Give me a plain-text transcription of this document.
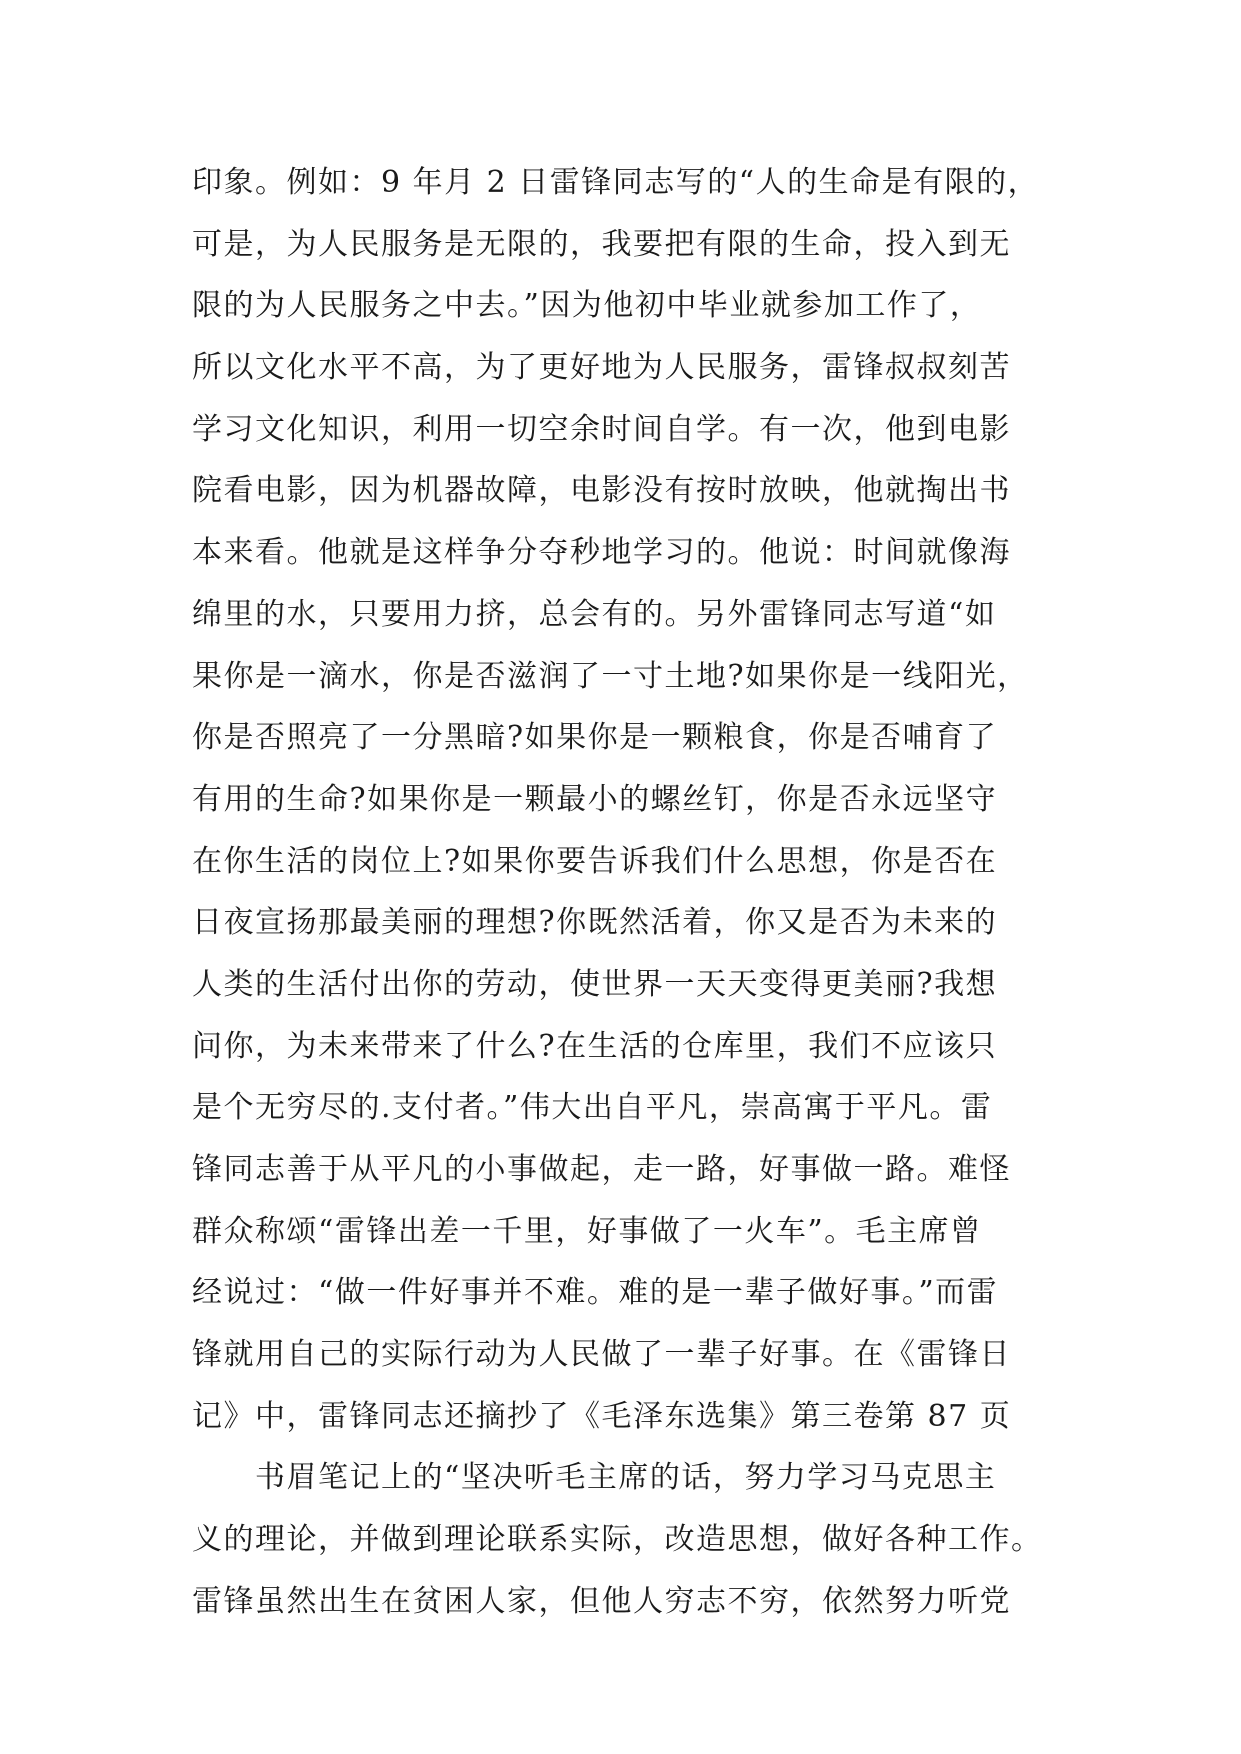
印象。例如：9 年月 2 日雷锋同志写的“人的生命是有限的，
可是，为人民服务是无限的，我要把有限的生命，投入到无
限的为人民服务之中去。”因为他初中毕业就参加工作了，
所以文化水平不高，为了更好地为人民服务，雷锋叔叔刻苦
学习文化知识，利用一切空余时间自学。有一次，他到电影
院看电影，因为机器故障，电影没有按时放映，他就掏出书
本来看。他就是这样争分夺秒地学习的。他说：时间就像海
绵里的水，只要用力挤，总会有的。另外雷锋同志写道“如
果你是一滴水，你是否滋润了一寸土地?如果你是一线阳光，
你是否照亮了一分黑暗?如果你是一颗粮食，你是否哺育了
有用的生命?如果你是一颗最小的螺丝钉，你是否永远坚守
在你生活的岗位上?如果你要告诉我们什么思想，你是否在
日夜宣扬那最美丽的理想?你既然活着，你又是否为未来的
人类的生活付出你的劳动，使世界一天天变得更美丽?我想
问你，为未来带来了什么?在生活的仓库里，我们不应该只
是个无穷尽的.支付者。”伟大出自平凡，崇高寓于平凡。雷
锋同志善于从平凡的小事做起，走一路，好事做一路。难怪
群众称颂“雷锋出差一千里，好事做了一火车”。毛主席曾
经说过：“做一件好事并不难。难的是一辈子做好事。”而雷
锋就用自己的实际行动为人民做了一辈子好事。在《雷锋日
记》中，雷锋同志还摘抄了《毛泽东选集》第三卷第 87 页
书眉笔记上的“坚决听毛主席的话，努力学习马克思主
义的理论，并做到理论联系实际，改造思想，做好各种工作。
雷锋虽然出生在贫困人家，但他人穷志不穷，依然努力听党
